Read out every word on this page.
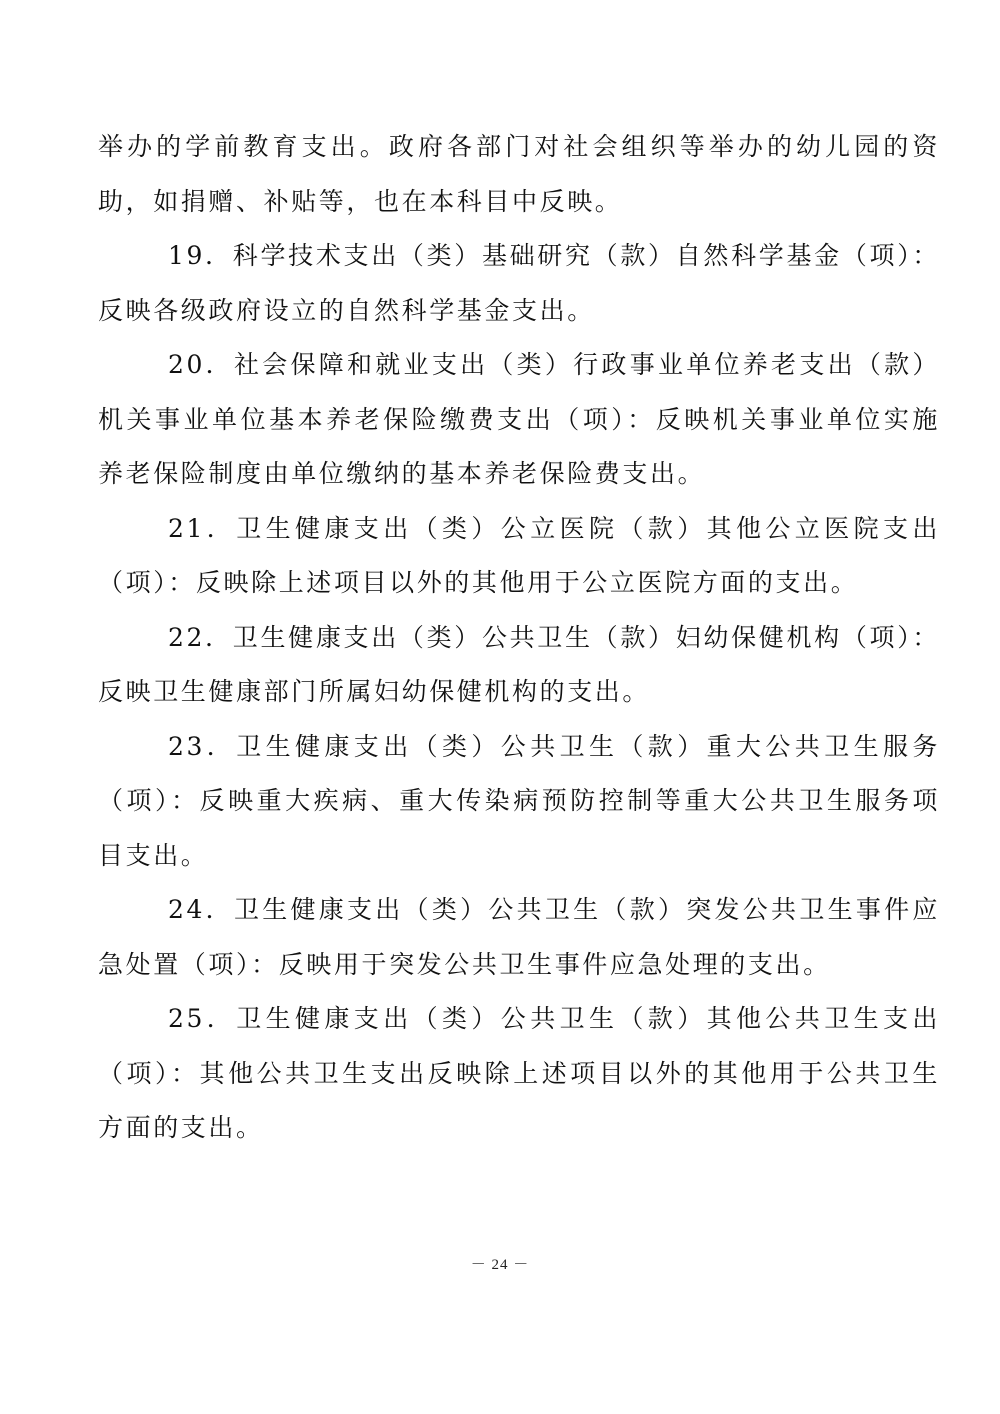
举办的学前教育支出。政府各部门对社会组织等举办的幼儿园的资助，如捐赠、补贴等，也在本科目中反映。

19．科学技术支出（类）基础研究（款）自然科学基金（项）：反映各级政府设立的自然科学基金支出。

20．社会保障和就业支出（类）行政事业单位养老支出（款）机关事业单位基本养老保险缴费支出（项）：反映机关事业单位实施养老保险制度由单位缴纳的基本养老保险费支出。

21．卫生健康支出（类）公立医院（款）其他公立医院支出（项）：反映除上述项目以外的其他用于公立医院方面的支出。

22．卫生健康支出（类）公共卫生（款）妇幼保健机构（项）：反映卫生健康部门所属妇幼保健机构的支出。

23．卫生健康支出（类）公共卫生（款）重大公共卫生服务（项）：反映重大疾病、重大传染病预防控制等重大公共卫生服务项 目支出。

24．卫生健康支出（类）公共卫生（款）突发公共卫生事件应急处置（项）：反映用于突发公共卫生事件应急处理的支出。

25．卫生健康支出（类）公共卫生（款）其他公共卫生支出（项）：其他公共卫生支出反映除上述项目以外的其他用于公共卫生 方面的支出。

－ 24 －
